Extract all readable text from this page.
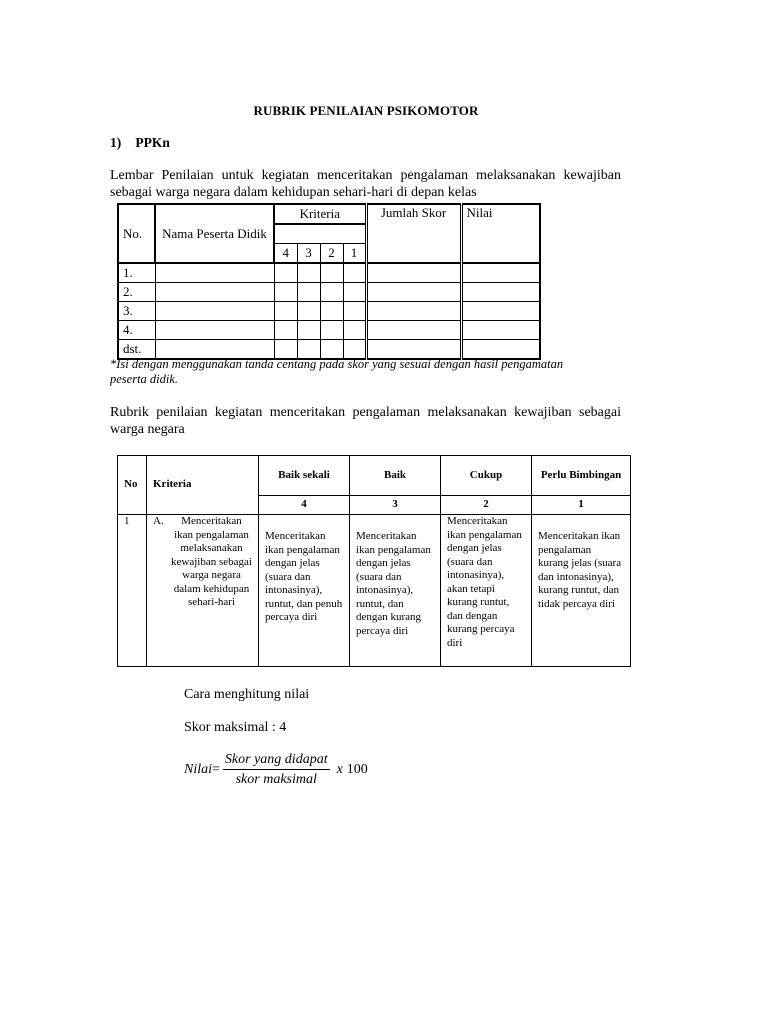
RUBRIK PENILAIAN PSIKOMOTOR
1) PPKn
Lembar Penilaian untuk kegiatan menceritakan pengalaman melaksanakan kewajiban sebagai warga negara dalam kehidupan sehari-hari di depan kelas
No.	Nama Peserta Didik	Kriteria				Jumlah Skor	Nilai

		4	3	2	1		
1.							
2.							
3.							
4.							
dst.							
*Isi dengan menggunakan tanda centang pada skor yang sesuai dengan hasil pengamatan peserta didik.
Rubrik penilaian kegiatan menceritakan pengalaman melaksanakan kewajiban sebagai warga negara
No	Kriteria	Baik sekali	Baik	Cukup	Perlu Bimbingan
		4	3	2	1
1	A. Menceritakan ikan pengalaman melaksanakan kewajiban sebagai warga negara dalam kehidupan sehari-hari	Menceritakan ikan pengalaman dengan jelas (suara dan intonasinya), runtut, dan penuh percaya diri	Menceritakan ikan pengalaman dengan jelas (suara dan intonasinya), runtut, dan dengan kurang percaya diri	Menceritakan ikan pengalaman dengan jelas (suara dan intonasinya), akan tetapi kurang runtut, dan dengan kurang percaya diri	Menceritakan ikan pengalaman kurang jelas (suara dan intonasinya), kurang runtut, dan tidak percaya diri
Cara menghitung nilai
Skor maksimal : 4
Nilai = $\frac{\text{Skor yang didapat}}{\text{skor maksimal}}$ x 100
